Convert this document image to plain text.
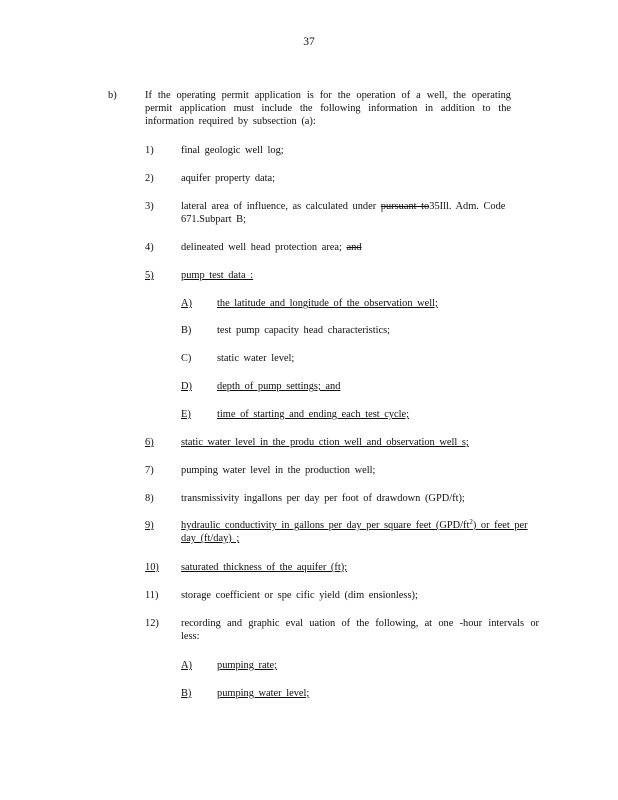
37
b)	If the operating permit application is for the operation of a well, the operating permit application must include the following information in addition to the information required by subsection (a):
1)	final geologic well log;
2)	aquifer property data;
3)	lateral area of influence, as calculated under pursuant to35Ill. Adm. Code 671.Subpart B;
4)	delineated well head protection area; and
5)	pump test data :
A) the latitude and longitude of the observation well;
B) test pump capacity head characteristics;
C) static water level;
D) depth of pump settings; and
E)	time of starting and ending each test cycle;
6)	static water level in the produ ction well and observation well s;
7)	pumping water level in the production well;
8)	transmissivity ingallons per day per foot of drawdown (GPD/ft);
9)	hydraulic conductivity in gallons per day per square feet $(GPD/ft^2)$ or feet per day (ft/day) ;
10) saturated thickness of the aquifer (ft);
11) storage coefficient or spe cific yield (dim ensionless);
12) recording and graphic eval uation of the following, at one -hour intervals or less:
A) pumping rate;
B) pumping water level;
